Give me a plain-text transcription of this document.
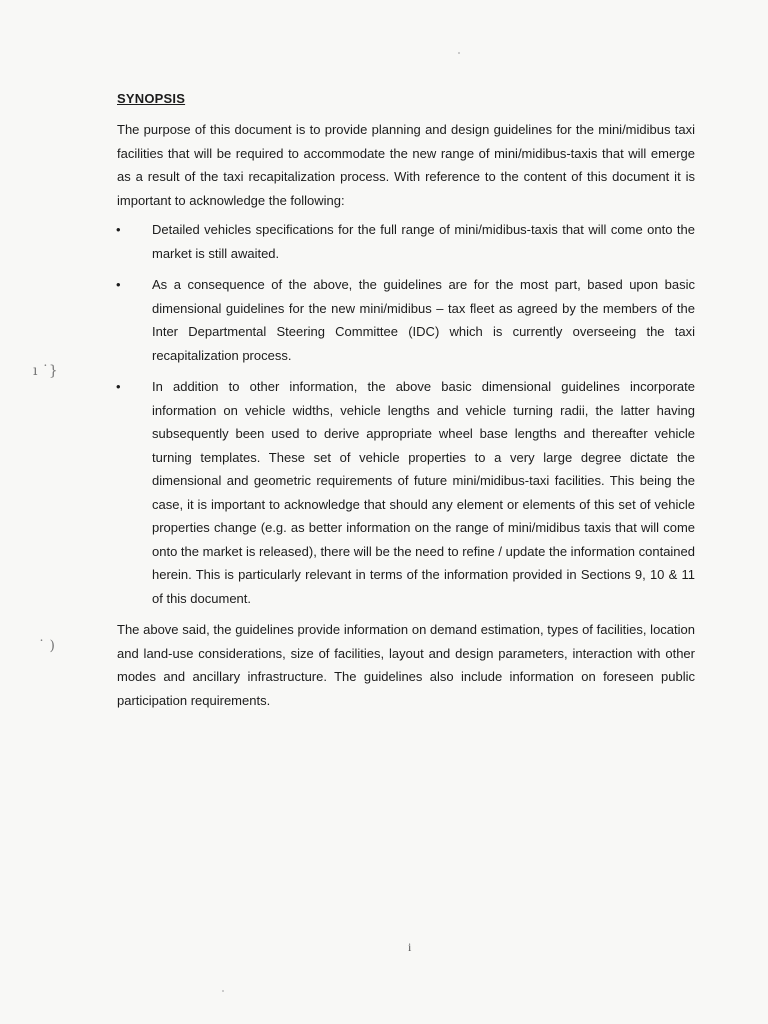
ı ˙}
˙ )
SYNOPSIS

The purpose of this document is to provide planning and design guidelines for the mini/midibus taxi facilities that will be required to accommodate the new range of mini/midibus-taxis that will emerge as a result of the taxi recapitalization process. With reference to the content of this document it is important to acknowledge the following:

• Detailed vehicles specifications for the full range of mini/midibus-taxis that will come onto the market is still awaited.
• As a consequence of the above, the guidelines are for the most part, based upon basic dimensional guidelines for the new mini/midibus – tax fleet as agreed by the members of the Inter Departmental Steering Committee (IDC) which is currently overseeing the taxi recapitalization process.
• In addition to other information, the above basic dimensional guidelines incorporate information on vehicle widths, vehicle lengths and vehicle turning radii, the latter having subsequently been used to derive appropriate wheel base lengths and thereafter vehicle turning templates. These set of vehicle properties to a very large degree dictate the dimensional and geometric requirements of future mini/midibus-taxi facilities. This being the case, it is important to acknowledge that should any element or elements of this set of vehicle properties change (e.g. as better information on the range of mini/midibus taxis that will come onto the market is released), there will be the need to refine / update the information contained herein. This is particularly relevant in terms of the information provided in Sections 9, 10 & 11 of this document.

The above said, the guidelines provide information on demand estimation, types of facilities, location and land-use considerations, size of facilities, layout and design parameters, interaction with other modes and ancillary infrastructure. The guidelines also include information on foreseen public participation requirements.

i
